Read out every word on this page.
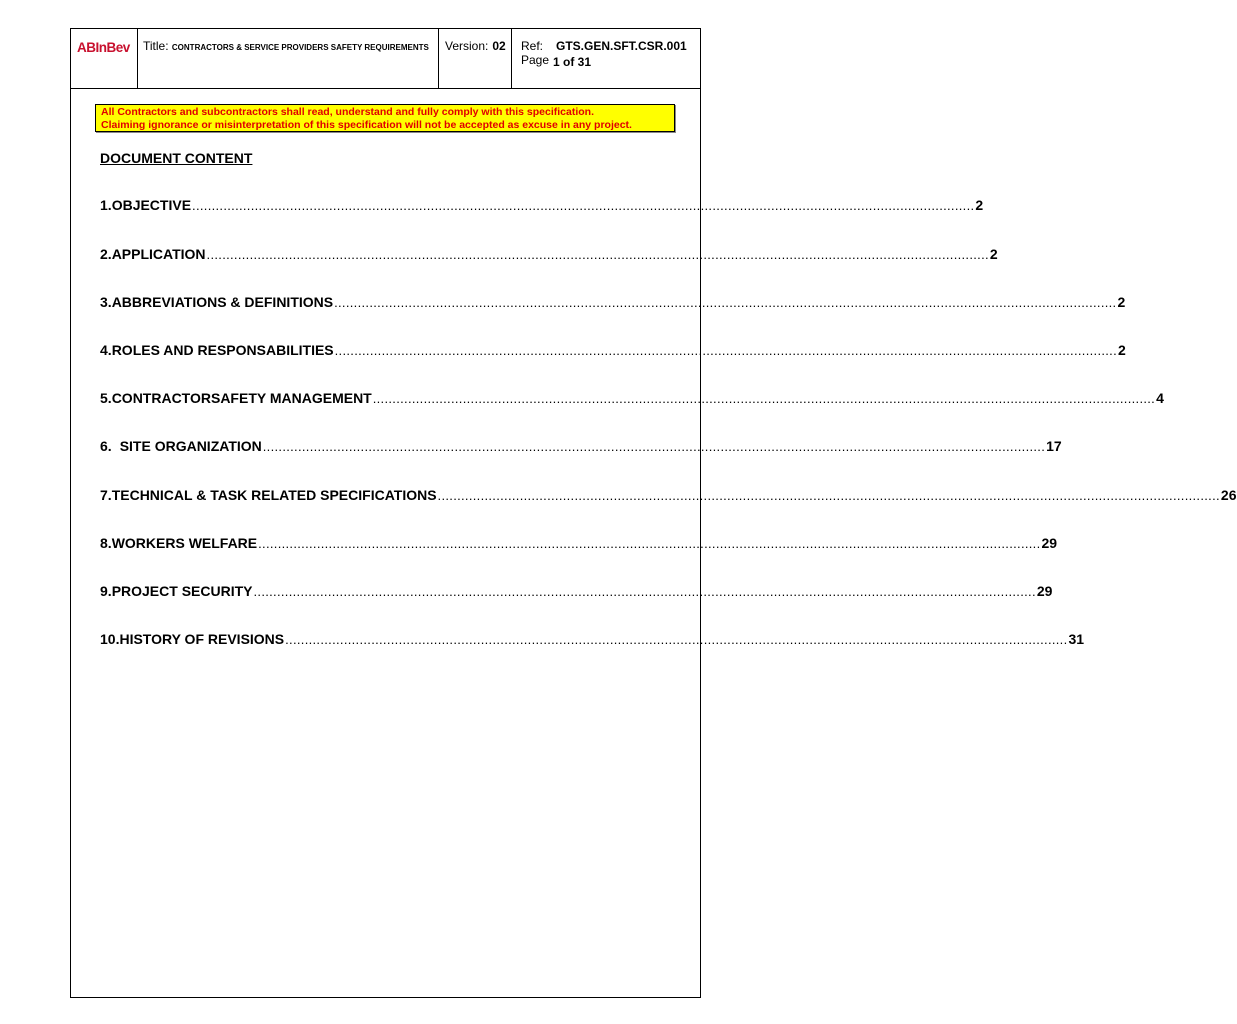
ABInBev Title: CONTRACTORS & SERVICE PROVIDERS SAFETY REQUIREMENTS Version: 02 Ref: GTS.GEN.SFT.CSR.001
Page 1 of 31
All Contractors and subcontractors shall read, understand and fully comply with this specification.
Claiming ignorance or misinterpretation of this specification will not be accepted as excuse in any project.
DOCUMENT CONTENT
1. OBJECTIVE ........................................................................................................................................................................................................ 2
2. APPLICATION ........................................................................................................................................................................................................ 2
3. ABBREVIATIONS & DEFINITIONS ........................................................................................................................................................................................................ 2
4. ROLES AND RESPONSABILITIES ........................................................................................................................................................................................................ 2
5. CONTRACTORSAFETY MANAGEMENT ........................................................................................................................................................................................................ 4
6. SITE ORGANIZATION ........................................................................................................................................................................................................ 17
7. TECHNICAL & TASK RELATED SPECIFICATIONS ........................................................................................................................................................................................................ 26
8. WORKERS WELFARE ........................................................................................................................................................................................................ 29
9. PROJECT SECURITY ........................................................................................................................................................................................................ 29
10. HISTORY OF REVISIONS ........................................................................................................................................................................................................ 31
